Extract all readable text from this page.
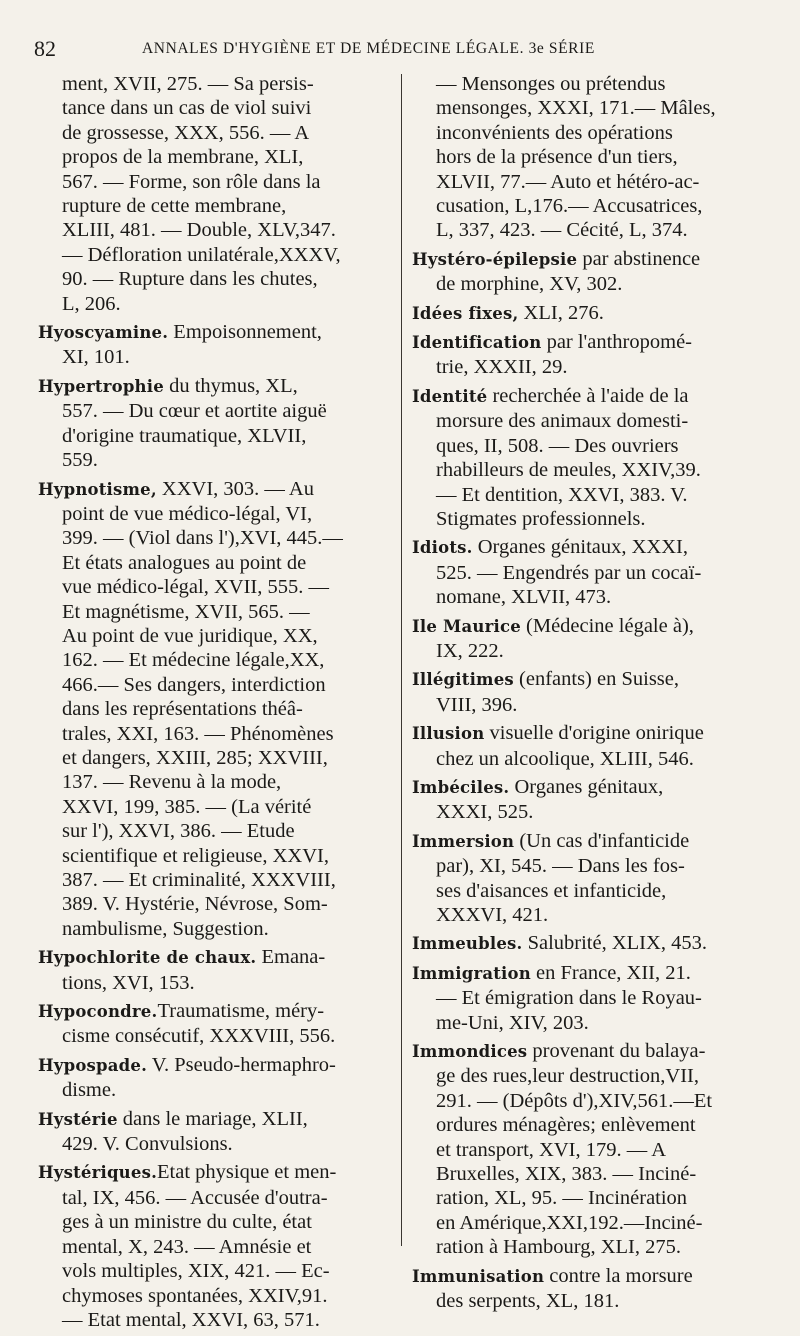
82	ANNALES D'HYGIÈNE ET DE MÉDECINE LÉGALE. 3e SÉRIE
ment, XVII, 275. — Sa persis-
tance dans un cas de viol suivi
de grossesse, XXX, 556. — A
propos de la membrane, XLI,
567. — Forme, son rôle dans la
rupture de cette membrane,
XLIII, 481. — Double, XLV,347.
— Défloration unilatérale,XXXV,
90. — Rupture dans les chutes,
L, 206.
Hyoscyamine. Empoisonnement,
XI, 101.
Hypertrophie du thymus, XL,
557. — Du cœur et aortite aiguë
d'origine traumatique, XLVII,
559.
Hypnotisme, XXVI, 303. — Au
point de vue médico-légal, VI,
399. — (Viol dans l'),XVI, 445.—
Et états analogues au point de
vue médico-légal, XVII, 555. —
Et magnétisme, XVII, 565. —
Au point de vue juridique, XX,
162. — Et médecine légale,XX,
466.— Ses dangers, interdiction
dans les représentations théâ-
trales, XXI, 163. — Phénomènes
et dangers, XXIII, 285; XXVIII,
137. — Revenu à la mode,
XXVI, 199, 385. — (La vérité
sur l'), XXVI, 386. — Etude
scientifique et religieuse, XXVI,
387. — Et criminalité, XXXVIII,
389. V. Hystérie, Névrose, Som-
nambulisme, Suggestion.
Hypochlorite de chaux. Emana-
tions, XVI, 153.
Hypocondre.Traumatisme, méry-
cisme consécutif, XXXVIII, 556.
Hypospade. V. Pseudo-hermaphro-
disme.
Hystérie dans le mariage, XLII,
429. V. Convulsions.
Hystériques.Etat physique et men-
tal, IX, 456. — Accusée d'outra-
ges à un ministre du culte, état
mental, X, 243. — Amnésie et
vols multiples, XIX, 421. — Ec-
chymoses spontanées, XXIV,91.
— Etat mental, XXVI, 63, 571.
— Mensonges ou prétendus
mensonges, XXXI, 171.— Mâles,
inconvénients des opérations
hors de la présence d'un tiers,
XLVII, 77.— Auto et hétéro-ac-
cusation, L,176.— Accusatrices,
L, 337, 423. — Cécité, L, 374.
Hystéro-épilepsie par abstinence
de morphine, XV, 302.
Idées fixes, XLI, 276.
Identification par l'anthropomé-
trie, XXXII, 29.
Identité recherchée à l'aide de la
morsure des animaux domesti-
ques, II, 508. — Des ouvriers
rhabilleurs de meules, XXIV,39.
— Et dentition, XXVI, 383. V.
Stigmates professionnels.
Idiots. Organes génitaux, XXXI,
525. — Engendrés par un cocaï-
nomane, XLVII, 473.
Ile Maurice (Médecine légale à),
IX, 222.
Illégitimes (enfants) en Suisse,
VIII, 396.
Illusion visuelle d'origine onirique
chez un alcoolique, XLIII, 546.
Imbéciles. Organes génitaux,
XXXI, 525.
Immersion (Un cas d'infanticide
par), XI, 545. — Dans les fos-
ses d'aisances et infanticide,
XXXVI, 421.
Immeubles. Salubrité, XLIX, 453.
Immigration en France, XII, 21.
— Et émigration dans le Royau-
me-Uni, XIV, 203.
Immondices provenant du balaya-
ge des rues,leur destruction,VII,
291. — (Dépôts d'),XIV,561.—Et
ordures ménagères; enlèvement
et transport, XVI, 179. — A
Bruxelles, XIX, 383. — Inciné-
ration, XL, 95. — Incinération
en Amérique,XXI,192.—Inciné-
ration à Hambourg, XLI, 275.
Immunisation contre la morsure
des serpents, XL, 181.
